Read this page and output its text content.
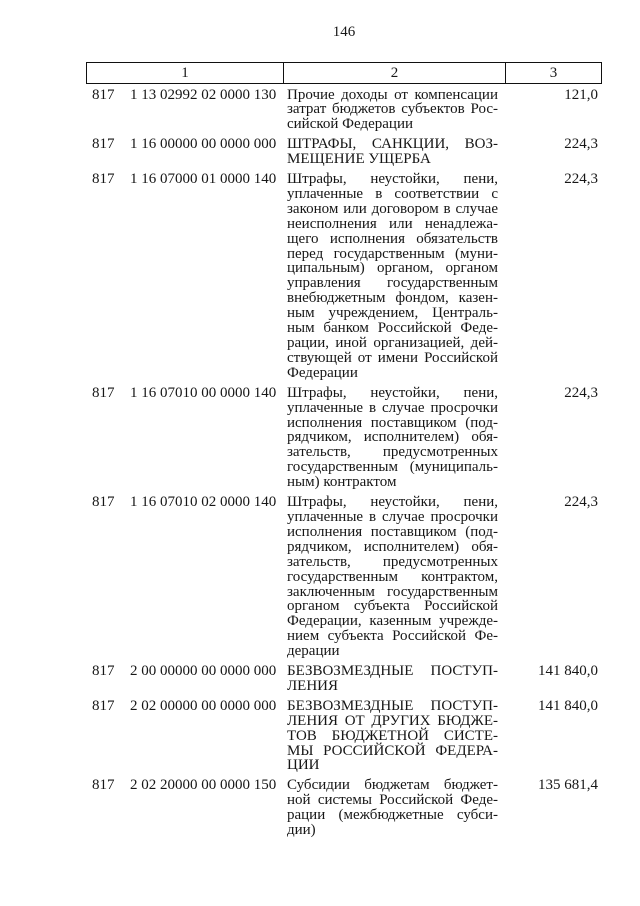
146
1	2	3
817 1 13 02992 02 0000 130 Прочие доходы от компенсации
затрат бюджетов субъектов Рос-
сийской Федерации
121,0
817 1 16 00000 00 0000 000 ШТРАФЫ, САНКЦИИ, ВОЗ-
МЕЩЕНИЕ УЩЕРБА
224,3
817 1 16 07000 01 0000 140 Штрафы, неустойки, пени,
уплаченные в соответствии с
законом или договором в случае
неисполнения или ненадлежа-
щего исполнения обязательств
перед государственным (муни-
ципальным) органом, органом
управления государственным
внебюджетным фондом, казен-
ным учреждением, Централь-
ным банком Российской Феде-
рации, иной организацией, дей-
ствующей от имени Российской
Федерации
224,3
817 1 16 07010 00 0000 140 Штрафы, неустойки, пени,
уплаченные в случае просрочки
исполнения поставщиком (под-
рядчиком, исполнителем) обя-
зательств, предусмотренных
государственным (муниципаль-
ным) контрактом
224,3
817 1 16 07010 02 0000 140 Штрафы, неустойки, пени,
уплаченные в случае просрочки
исполнения поставщиком (под-
рядчиком, исполнителем) обя-
зательств, предусмотренных
государственным контрактом,
заключенным государственным
органом субъекта Российской
Федерации, казенным учрежде-
нием субъекта Российской Фе-
дерации
224,3
817 2 00 00000 00 0000 000 БЕЗВОЗМЕЗДНЫЕ ПОСТУП-
ЛЕНИЯ
141 840,0
817 2 02 00000 00 0000 000 БЕЗВОЗМЕЗДНЫЕ ПОСТУП-
ЛЕНИЯ ОТ ДРУГИХ БЮДЖЕ-
ТОВ БЮДЖЕТНОЙ СИСТЕ-
МЫ РОССИЙСКОЙ ФЕДЕРА-
ЦИИ
141 840,0
817 2 02 20000 00 0000 150 Субсидии бюджетам бюджет-
ной системы Российской Феде-
рации (межбюджетные субси-
дии)
135 681,4
